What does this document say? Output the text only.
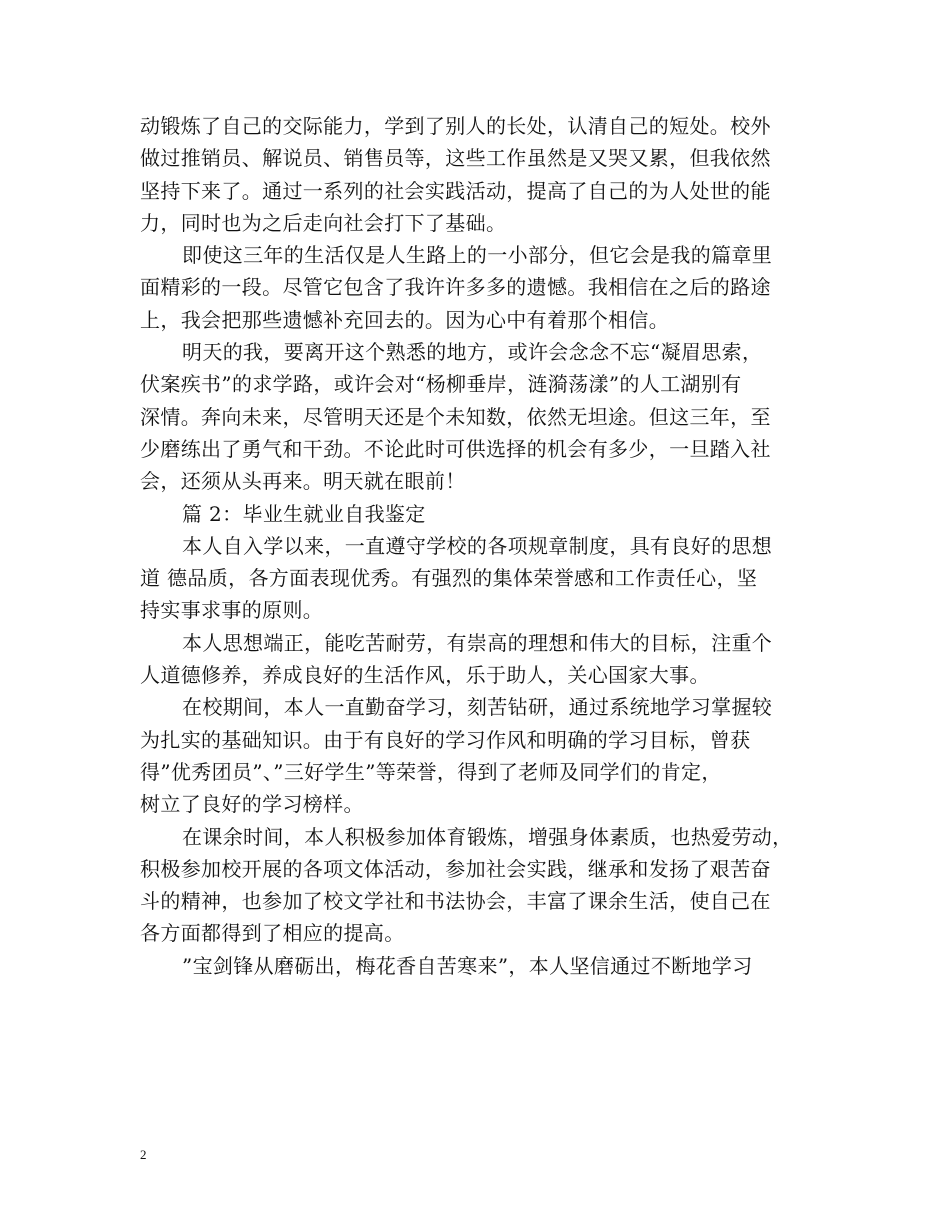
动锻炼了自己的交际能力，学到了别人的长处，认清自己的短处。校外
做过推销员、解说员、销售员等，这些工作虽然是又哭又累，但我依然
坚持下来了。通过一系列的社会实践活动，提高了自己的为人处世的能
力，同时也为之后走向社会打下了基础。
即使这三年的生活仅是人生路上的一小部分，但它会是我的篇章里
面精彩的一段。尽管它包含了我许许多多的遗憾。我相信在之后的路途
上，我会把那些遗憾补充回去的。因为心中有着那个相信。
明天的我，要离开这个熟悉的地方，或许会念念不忘“凝眉思索，
伏案疾书”的求学路，或许会对“杨柳垂岸，涟漪荡漾”的人工湖别有
深情。奔向未来，尽管明天还是个未知数，依然无坦途。但这三年，至
少磨练出了勇气和干劲。不论此时可供选择的机会有多少，一旦踏入社
会，还须从头再来。明天就在眼前！
篇 2：毕业生就业自我鉴定
本人自入学以来，一直遵守学校的各项规章制度，具有良好的思想
道 德品质，各方面表现优秀。有强烈的集体荣誉感和工作责任心，坚
持实事求事的原则。
本人思想端正，能吃苦耐劳，有崇高的理想和伟大的目标，注重个
人道德修养，养成良好的生活作风，乐于助人，关心国家大事。
在校期间，本人一直勤奋学习，刻苦钻研，通过系统地学习掌握较
为扎实的基础知识。由于有良好的学习作风和明确的学习目标，曾获
得”优秀团员”、”三好学生”等荣誉，得到了老师及同学们的肯定，
树立了良好的学习榜样。
在课余时间，本人积极参加体育锻炼，增强身体素质，也热爱劳动，
积极参加校开展的各项文体活动，参加社会实践，继承和发扬了艰苦奋
斗的精神，也参加了校文学社和书法协会，丰富了课余生活，使自己在
各方面都得到了相应的提高。
”宝剑锋从磨砺出，梅花香自苦寒来”，本人坚信通过不断地学习
2
